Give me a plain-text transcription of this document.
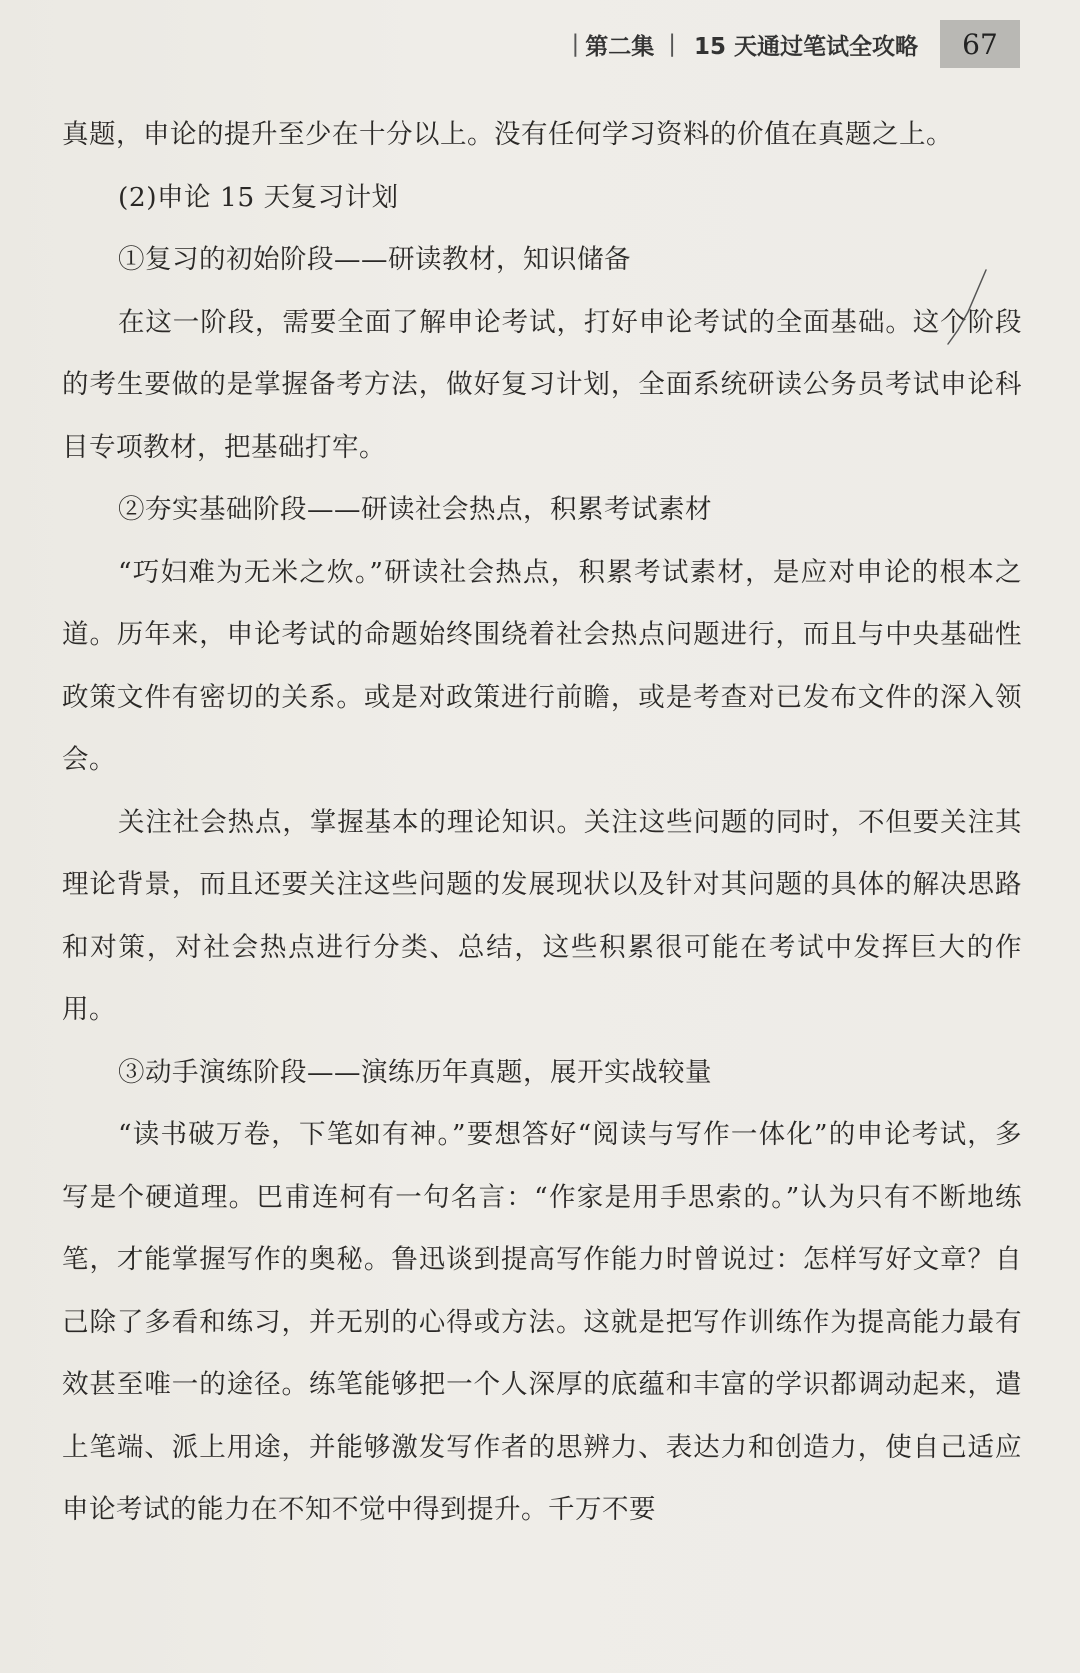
| 第二集 | 15 天通过笔试全攻略	67

真题，申论的提升至少在十分以上。没有任何学习资料的价值在真题之上。

(2)申论 15 天复习计划

①复习的初始阶段——研读教材，知识储备

在这一阶段，需要全面了解申论考试，打好申论考试的全面基础。这个阶段的考生要做的是掌握备考方法，做好复习计划，全面系统研读公务员考试申论科目专项教材，把基础打牢。

②夯实基础阶段——研读社会热点，积累考试素材

“巧妇难为无米之炊。”研读社会热点，积累考试素材，是应对申论的根本之道。历年来，申论考试的命题始终围绕着社会热点问题进行，而且与中央基础性政策文件有密切的关系。或是对政策进行前瞻，或是考查对已发布文件的深入领会。

关注社会热点，掌握基本的理论知识。关注这些问题的同时，不但要关注其理论背景，而且还要关注这些问题的发展现状以及针对其问题的具体的解决思路和对策，对社会热点进行分类、总结，这些积累很可能在考试中发挥巨大的作用。

③动手演练阶段——演练历年真题，展开实战较量

“读书破万卷，下笔如有神。”要想答好“阅读与写作一体化”的申论考试，多写是个硬道理。巴甫连柯有一句名言：“作家是用手思索的。”认为只有不断地练笔，才能掌握写作的奥秘。鲁迅谈到提高写作能力时曾说过：怎样写好文章？自己除了多看和练习，并无别的心得或方法。这就是把写作训练作为提高能力最有效甚至唯一的途径。练笔能够把一个人深厚的底蕴和丰富的学识都调动起来，遣上笔端、派上用途，并能够激发写作者的思辨力、表达力和创造力，使自己适应申论考试的能力在不知不觉中得到提升。千万不要
